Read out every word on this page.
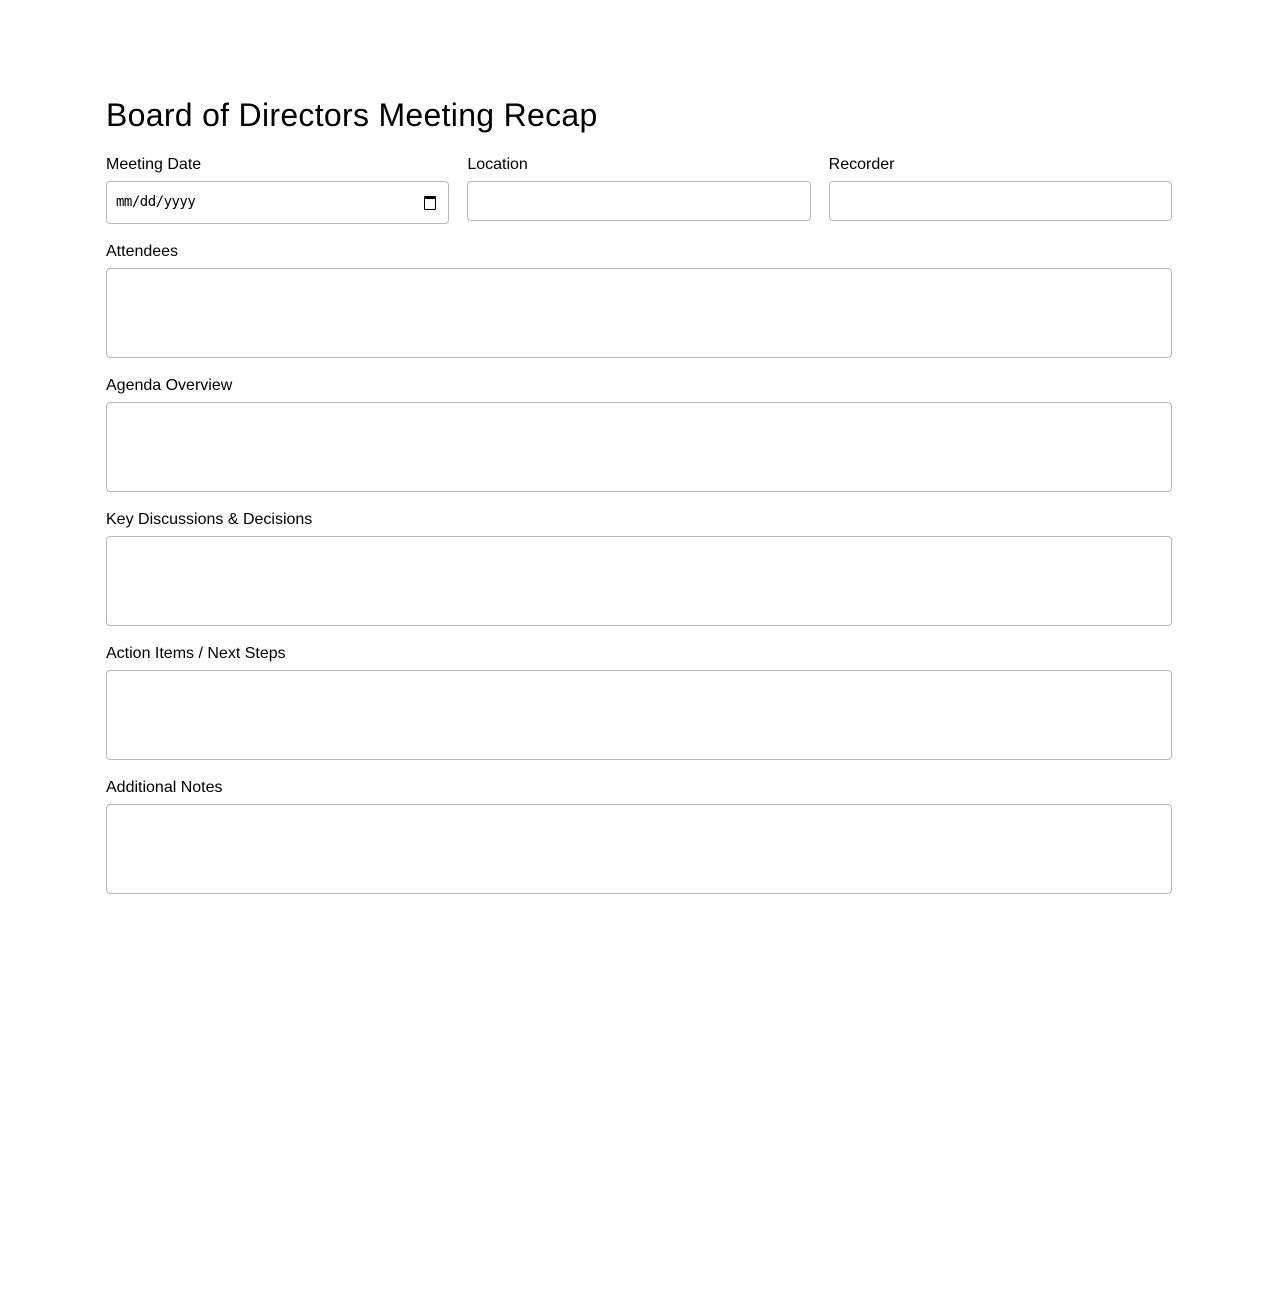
Board of Directors Meeting Recap
Meeting Date
mm/dd/yyyy
Location	Recorder
Attendees
Agenda Overview
Key Discussions & Decisions
Action Items / Next Steps
Additional Notes
